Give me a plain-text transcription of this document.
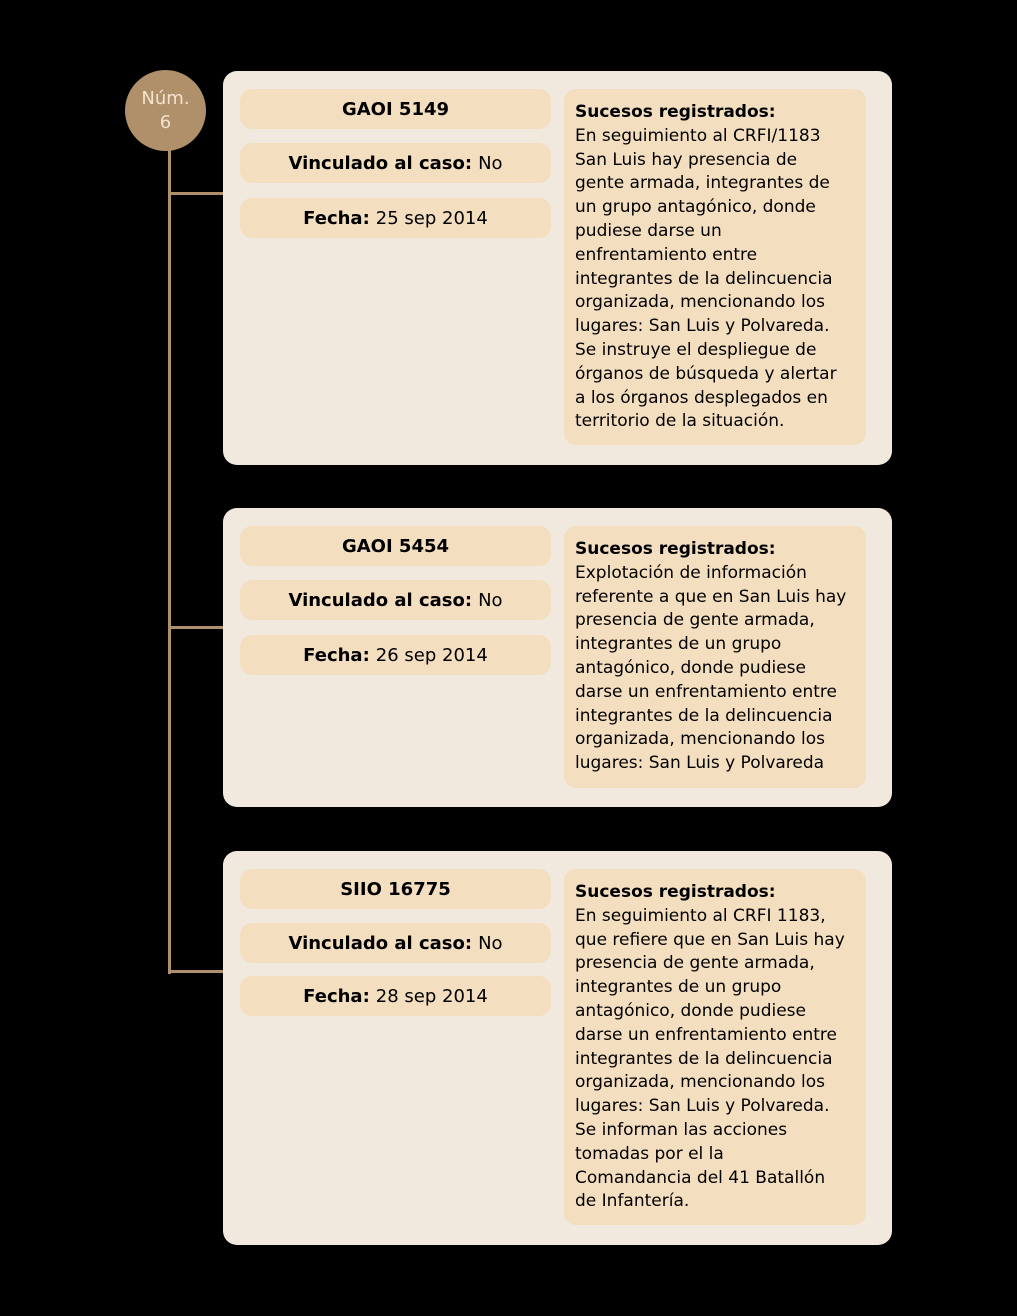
Núm.
6
GAOI 5149
Vinculado al caso: No
Fecha: 25 sep 2014
Sucesos registrados:
En seguimiento al CRFI/1183
San Luis hay presencia de
gente armada, integrantes de
un grupo antagónico, donde
pudiese darse un
enfrentamiento entre
integrantes de la delincuencia
organizada, mencionando los
lugares: San Luis y Polvareda.
Se instruye el despliegue de
órganos de búsqueda y alertar
a los órganos desplegados en
territorio de la situación.
GAOI 5454
Vinculado al caso: No
Fecha: 26 sep 2014
Sucesos registrados:
Explotación de información
referente a que en San Luis hay
presencia de gente armada,
integrantes de un grupo
antagónico, donde pudiese
darse un enfrentamiento entre
integrantes de la delincuencia
organizada, mencionando los
lugares: San Luis y Polvareda
SIIO 16775
Vinculado al caso: No
Fecha: 28 sep 2014
Sucesos registrados:
En seguimiento al CRFI 1183,
que refiere que en San Luis hay
presencia de gente armada,
integrantes de un grupo
antagónico, donde pudiese
darse un enfrentamiento entre
integrantes de la delincuencia
organizada, mencionando los
lugares: San Luis y Polvareda.
Se informan las acciones
tomadas por el la
Comandancia del 41 Batallón
de Infantería.
